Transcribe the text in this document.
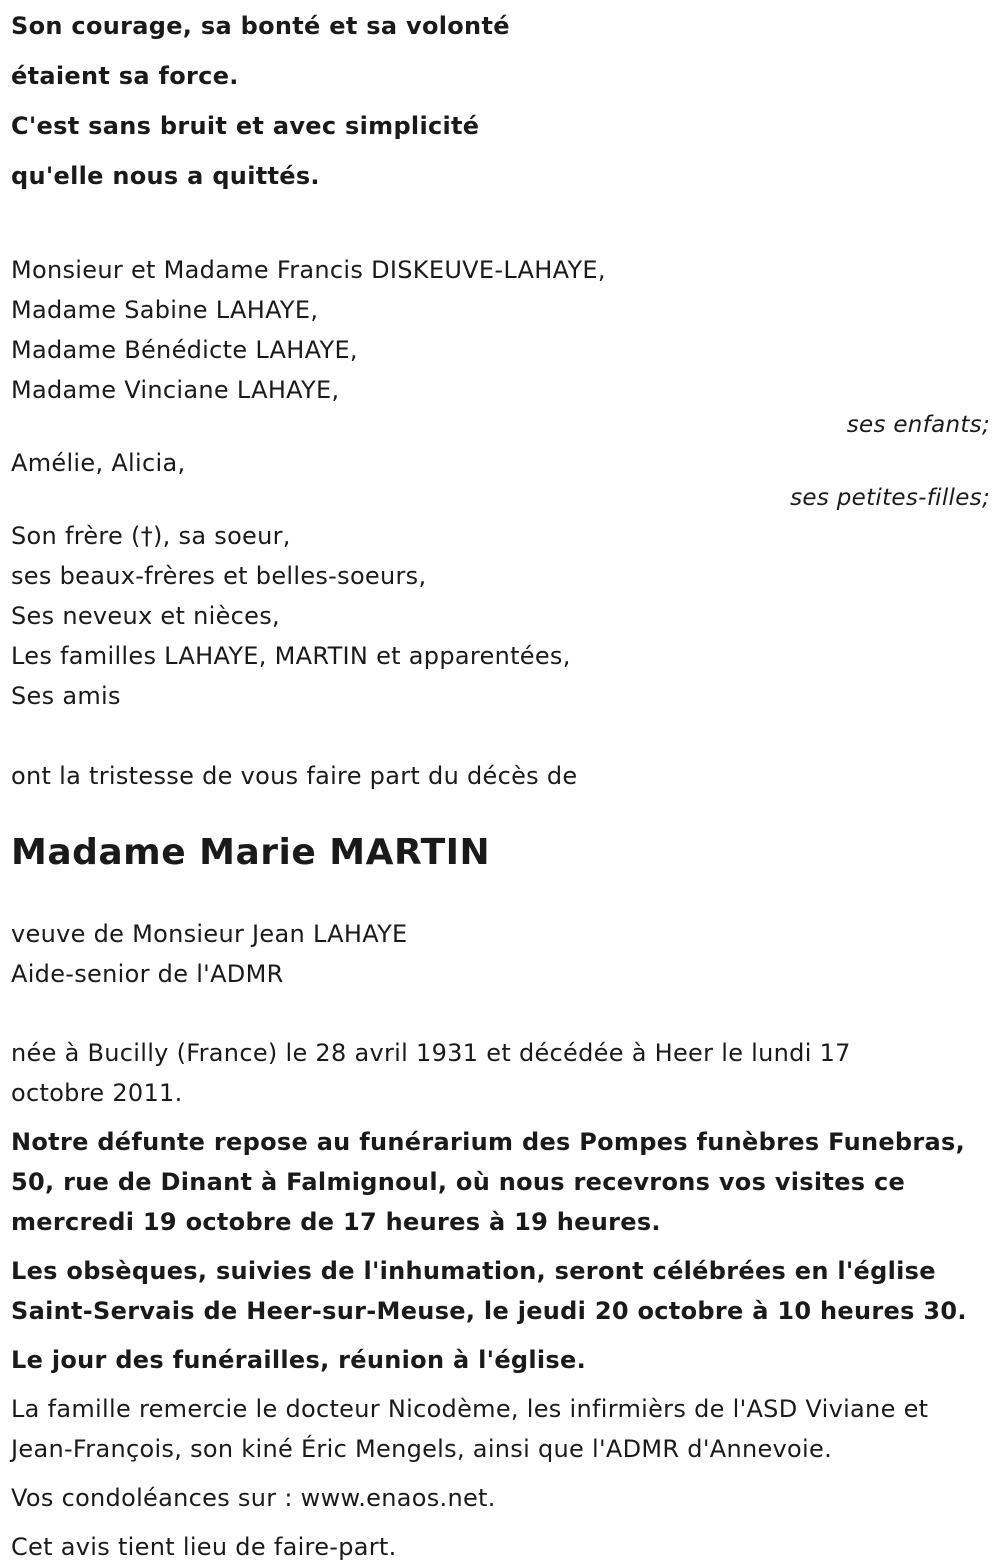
Son courage, sa bonté et sa volonté

étaient sa force.

C'est sans bruit et avec simplicité

qu'elle nous a quittés.

Monsieur et Madame Francis DISKEUVE-LAHAYE,

Madame Sabine LAHAYE,

Madame Bénédicte LAHAYE,

Madame Vinciane LAHAYE,

ses enfants;

Amélie, Alicia,

ses petites-filles;

Son frère (†), sa soeur,

ses beaux-frères et belles-soeurs,

Ses neveux et nièces,

Les familles LAHAYE, MARTIN et apparentées,

Ses amis

ont la tristesse de vous faire part du décès de

Madame Marie MARTIN

veuve de Monsieur Jean LAHAYE

Aide-senior de l'ADMR

née à Bucilly (France) le 28 avril 1931 et décédée à Heer le lundi 17 octobre 2011.

Notre défunte repose au funérarium des Pompes funèbres Funebras, 50, rue de Dinant à Falmignoul, où nous recevrons vos visites ce mercredi 19 octobre de 17 heures à 19 heures.

Les obsèques, suivies de l'inhumation, seront célébrées en l'église Saint-Servais de Heer-sur-Meuse, le jeudi 20 octobre à 10 heures 30.

Le jour des funérailles, réunion à l'église.

La famille remercie le docteur Nicodème, les infirmièrs de l'ASD Viviane et Jean-François, son kiné Éric Mengels, ainsi que l'ADMR d'Annevoie.

Vos condoléances sur : www.enaos.net.

Cet avis tient lieu de faire-part.
